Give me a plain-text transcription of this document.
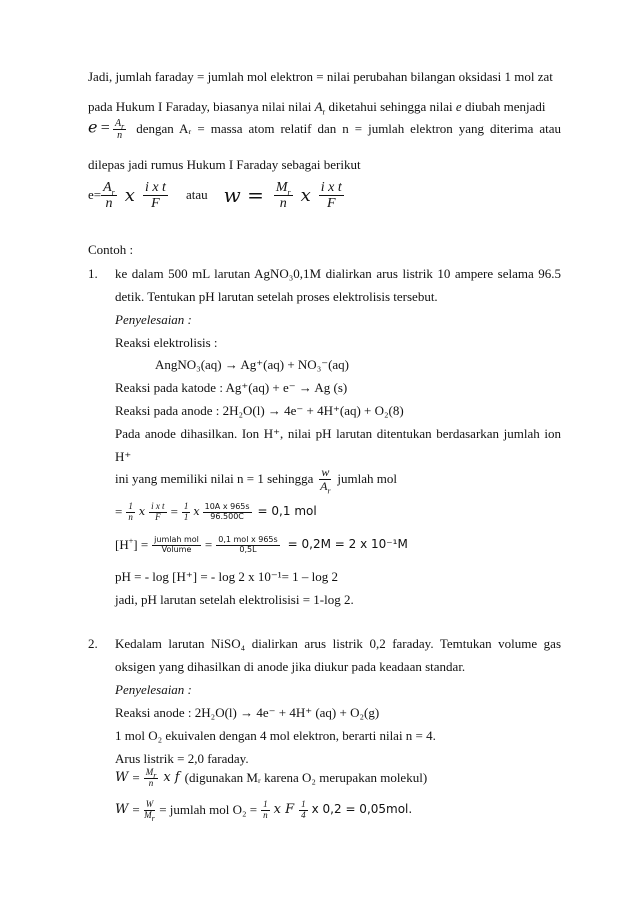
Jadi, jumlah faraday = jumlah mol elektron = nilai perubahan bilangan oksidasi 1 mol zat
pada Hukum I Faraday, biasanya nilai nilai $A_r$ diketahui sehingga nilai e diubah menjadi
$e = \frac{A_r}{n}$ dengan Aᵣ = massa atom relatif dan n = jumlah elektron yang diterima atau
dilepas jadi rumus Hukum I Faraday sebagai berikut
$e= \frac{A_r}{n}$ x $\frac{\text{i x t}}{F}$ atau $w = \frac{M_r}{n}$ x $\frac{\text{i x t}}{F}$
Contoh :
1. ke dalam 500 mL larutan AgNO₃0,1M dialirkan arus listrik 10 ampere selama 96.5
detik. Tentukan pH larutan setelah proses elektrolisis tersebut.
Penyelesaian :
Reaksi elektrolisis :
AngNO₃(aq) → Ag⁺(aq) + NO₃⁻(aq)
Reaksi pada katode : Ag⁺(aq) + e⁻ → Ag (s)
Reaksi pada anode : 2H₂O(l) → 4e⁻ + 4H⁺(aq) + O₂(8)
Pada anode dihasilkan. Ion H⁺, nilai pH larutan ditentukan berdasarkan jumlah ion
H⁺
ini yang memiliki nilai n = 1 sehingga $\frac{w}{A_r}$ jumlah mol
= $\frac{1}{n}$ x $\frac{\text{i x t}}{F} = \frac{1}{1}$ x $\frac{\text{10A x 965s}}{96.500C} = 0,1$ mol
$[H^+] = \frac{\text{jumlah mol}}{\text{Volume}} = \frac{\text{0,1 mol x 965s}}{0,5L} = 0,2M = 2$ x 10⁻¹M
pH = - log [H⁺] = - log 2 x 10⁻¹= 1 – log 2
jadi, pH larutan setelah elektrolisisi = 1-log 2.
2. Kedalam larutan NiSO₄ dialirkan arus listrik 0,2 faraday. Temtukan volume gas
oksigen yang dihasilkan di anode jika diukur pada keadaan standar.
Penyelesaian :
Reaksi anode : 2H₂O(l) → 4e⁻ + 4H⁺ (aq) + O₂(g)
1 mol O₂ ekuivalen dengan 4 mol elektron, berarti nilai n = 4.
Arus listrik = 2,0 faraday.
$W = \frac{M_r}{n}$ x f (digunakan Mᵣ karena O₂ merupakan molekul)
$W = \frac{W}{M_r}$ = jumlah mol $O_2 = \frac{1}{n}$ x F $\frac{1}{4}$ x 0,2 = 0,05mol.
